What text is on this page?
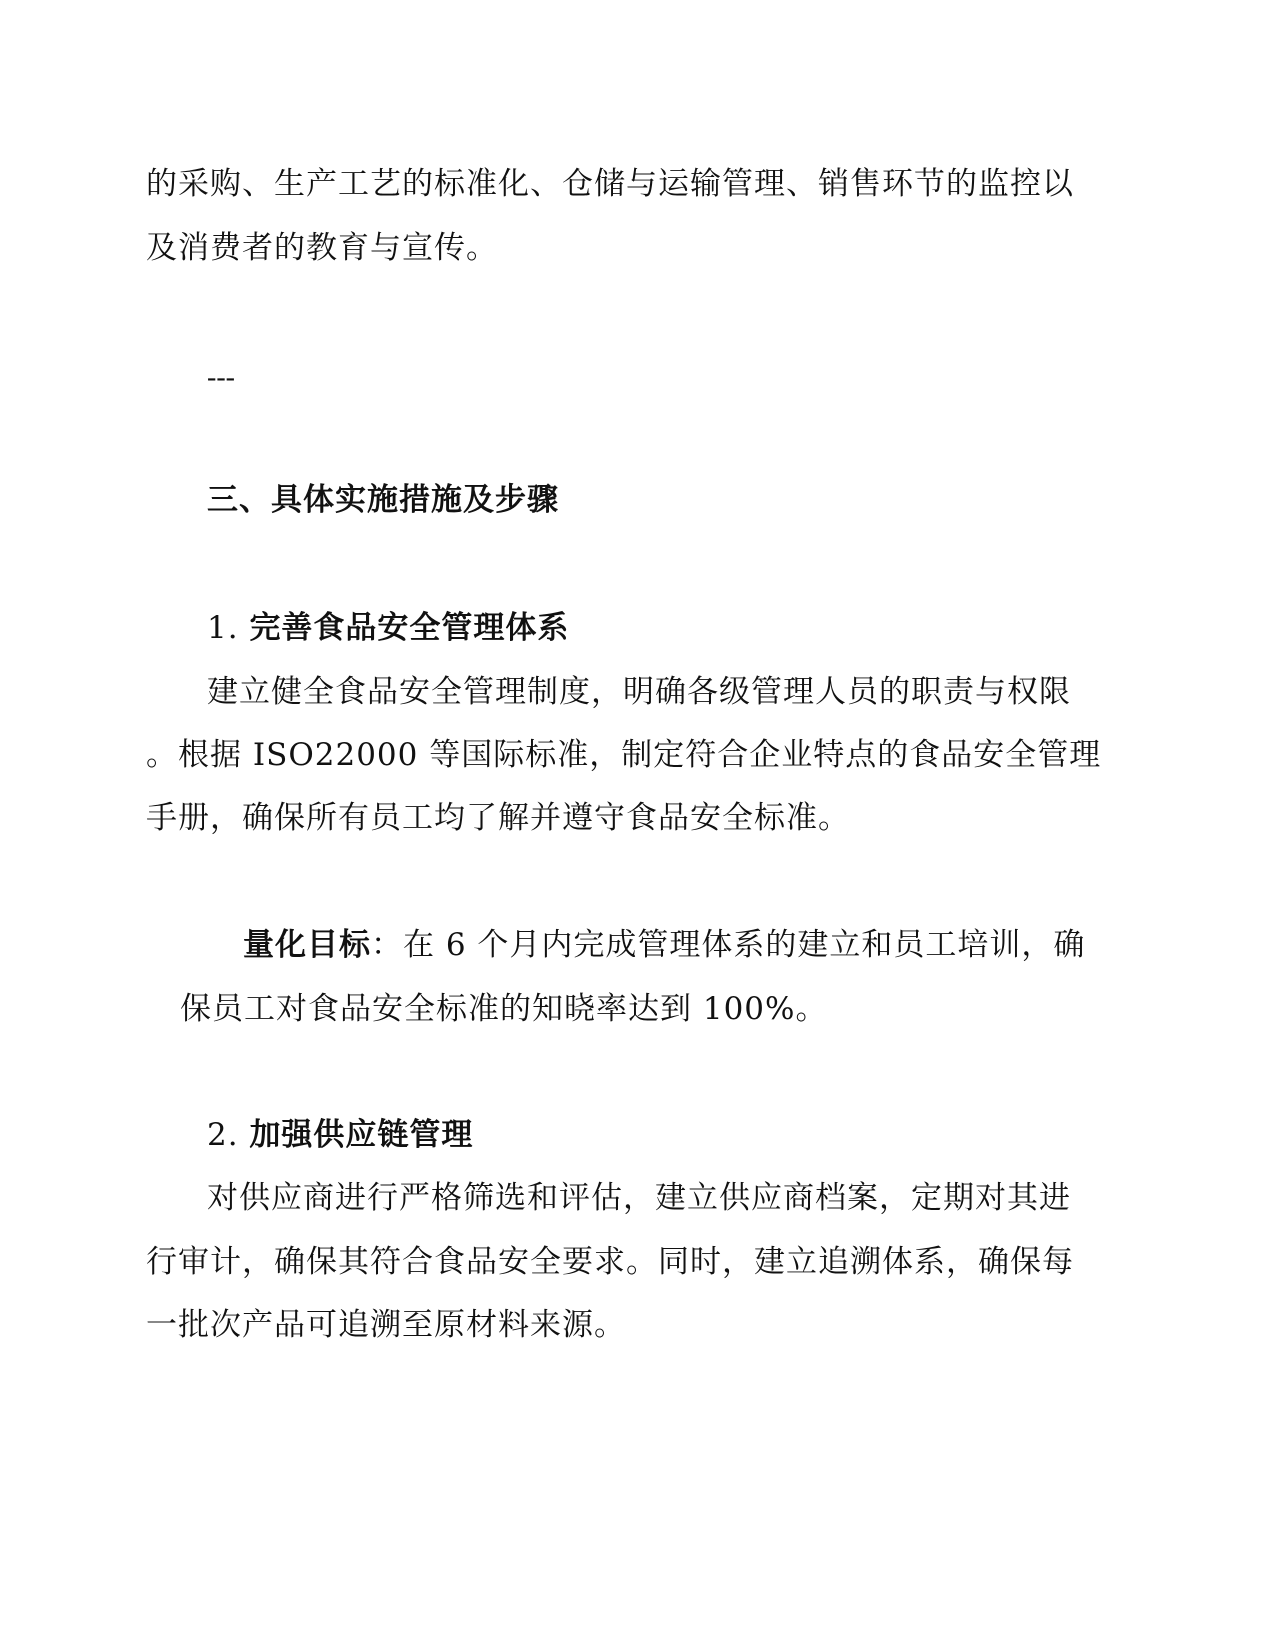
的采购、生产工艺的标准化、仓储与运输管理、销售环节的监控以
及消费者的教育与宣传。
---
三、具体实施措施及步骤
1. 完善食品安全管理体系
建立健全食品安全管理制度，明确各级管理人员的职责与权限
。根据 ISO22000 等国际标准，制定符合企业特点的食品安全管理
手册，确保所有员工均了解并遵守食品安全标准。
量化目标：在 6 个月内完成管理体系的建立和员工培训，确
保员工对食品安全标准的知晓率达到 100%。
2. 加强供应链管理
对供应商进行严格筛选和评估，建立供应商档案，定期对其进
行审计，确保其符合食品安全要求。同时，建立追溯体系，确保每
一批次产品可追溯至原材料来源。
